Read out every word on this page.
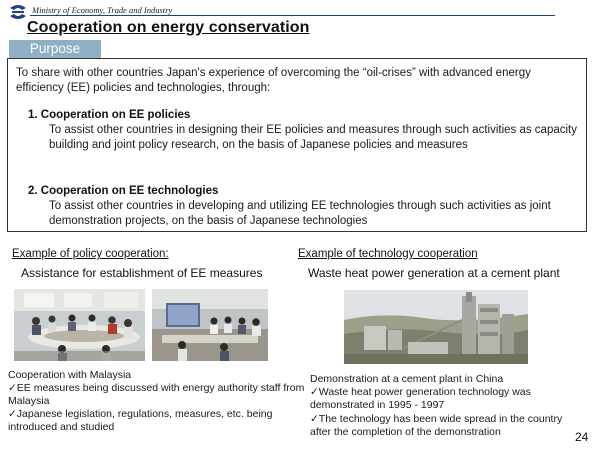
Ministry of Economy, Trade and Industry
Cooperation on energy conservation
Purpose
To share with other countries Japan's experience of overcoming the “oil-crises” with advanced energy efficiency (EE) policies and technologies, through:
1. Cooperation on EE policies
To assist other countries in designing their EE policies and measures through such activities as capacity building and joint policy research, on the basis of Japanese policies and measures
2. Cooperation on EE technologies
To assist other countries in developing and utilizing EE technologies through such activities as joint demonstration projects, on the basis of Japanese technologies
Example of policy cooperation:
Assistance for establishment of EE measures
Cooperation with Malaysia
✓EE measures being discussed with energy authority staff from Malaysia
✓Japanese legislation, regulations, measures, etc. being introduced and studied
Example of technology cooperation
Waste heat power generation at a cement plant
Demonstration at a cement plant in China
✓Waste heat power generation technology was demonstrated in 1995 - 1997
✓The technology has been wide spread in the country after the completion of the demonstration	24
